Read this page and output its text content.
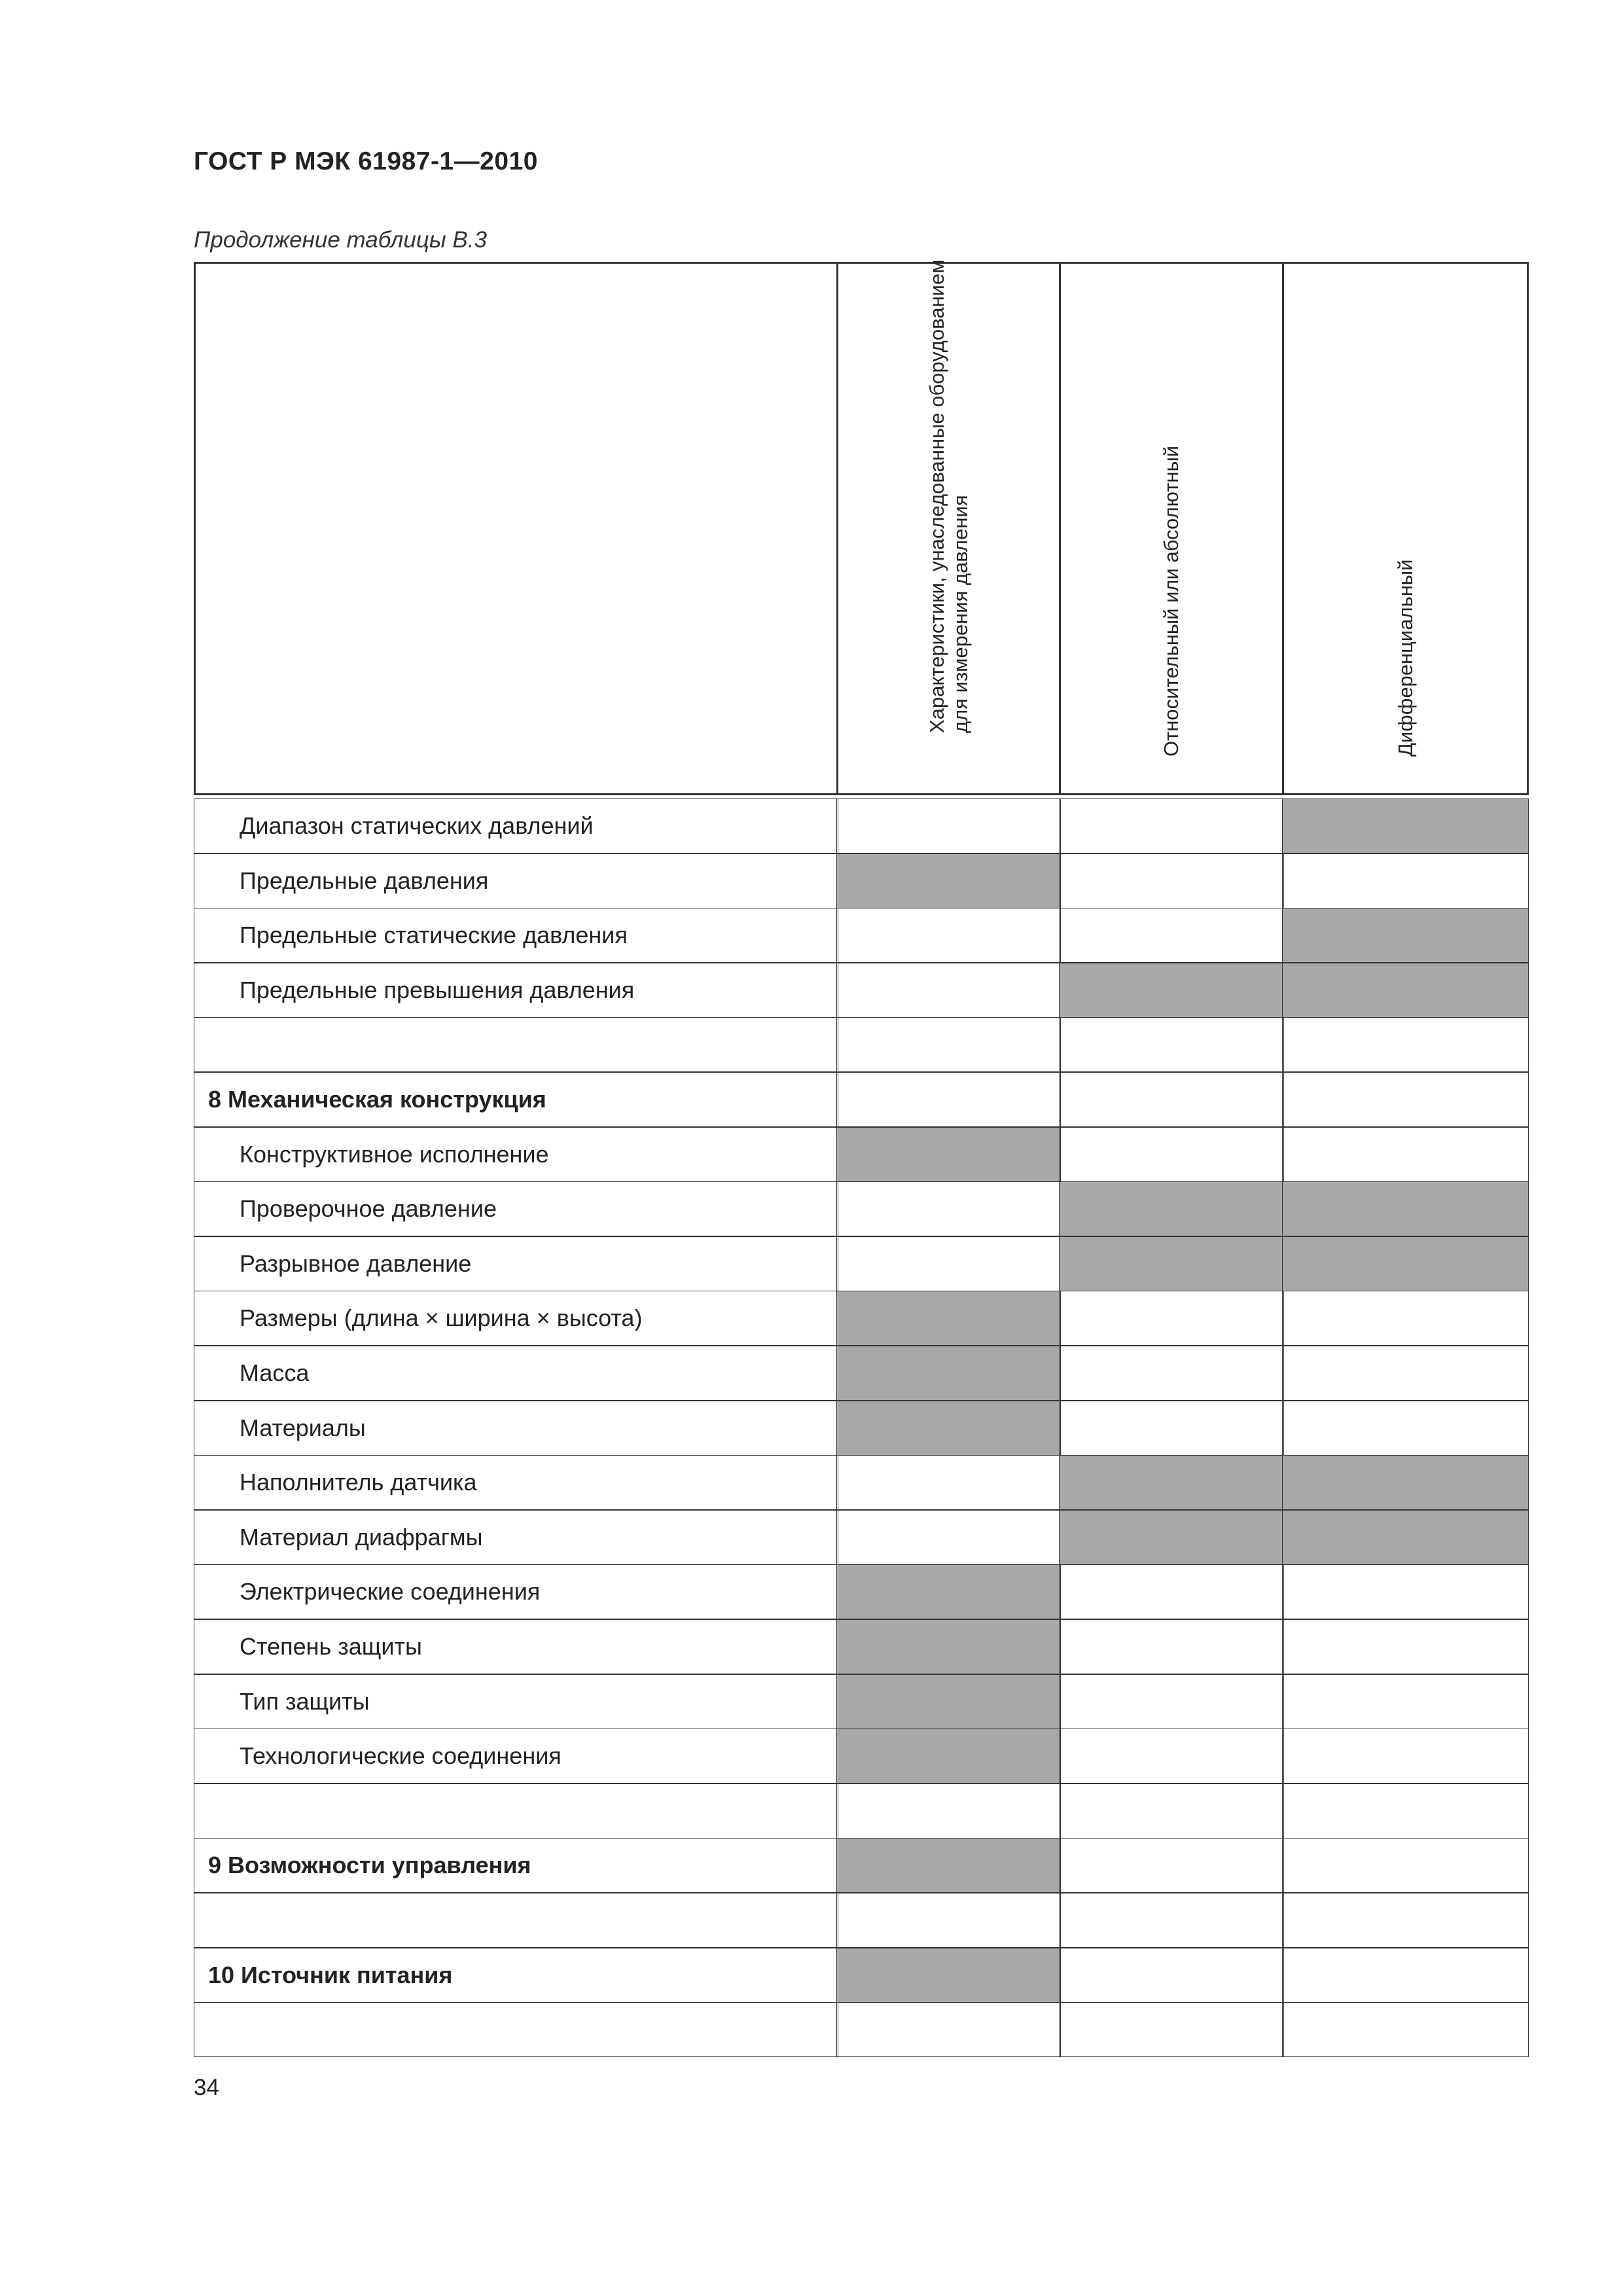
ГОСТ Р МЭК 61987-1—2010
Продолжение таблицы В.3
Характеристики, унаследованные оборудованием
для измерения давления	Относительный или абсолютный	Дифференциальный
Диапазон статических давлений
Предельные давления
Предельные статические давления
Предельные превышения давления
8 Механическая конструкция
Конструктивное исполнение
Проверочное давление
Разрывное давление
Размеры (длина × ширина × высота)
Масса
Материалы
Наполнитель датчика
Материал диафрагмы
Электрические соединения
Степень защиты
Тип защиты
Технологические соединения
9 Возможности управления
10 Источник питания
34
